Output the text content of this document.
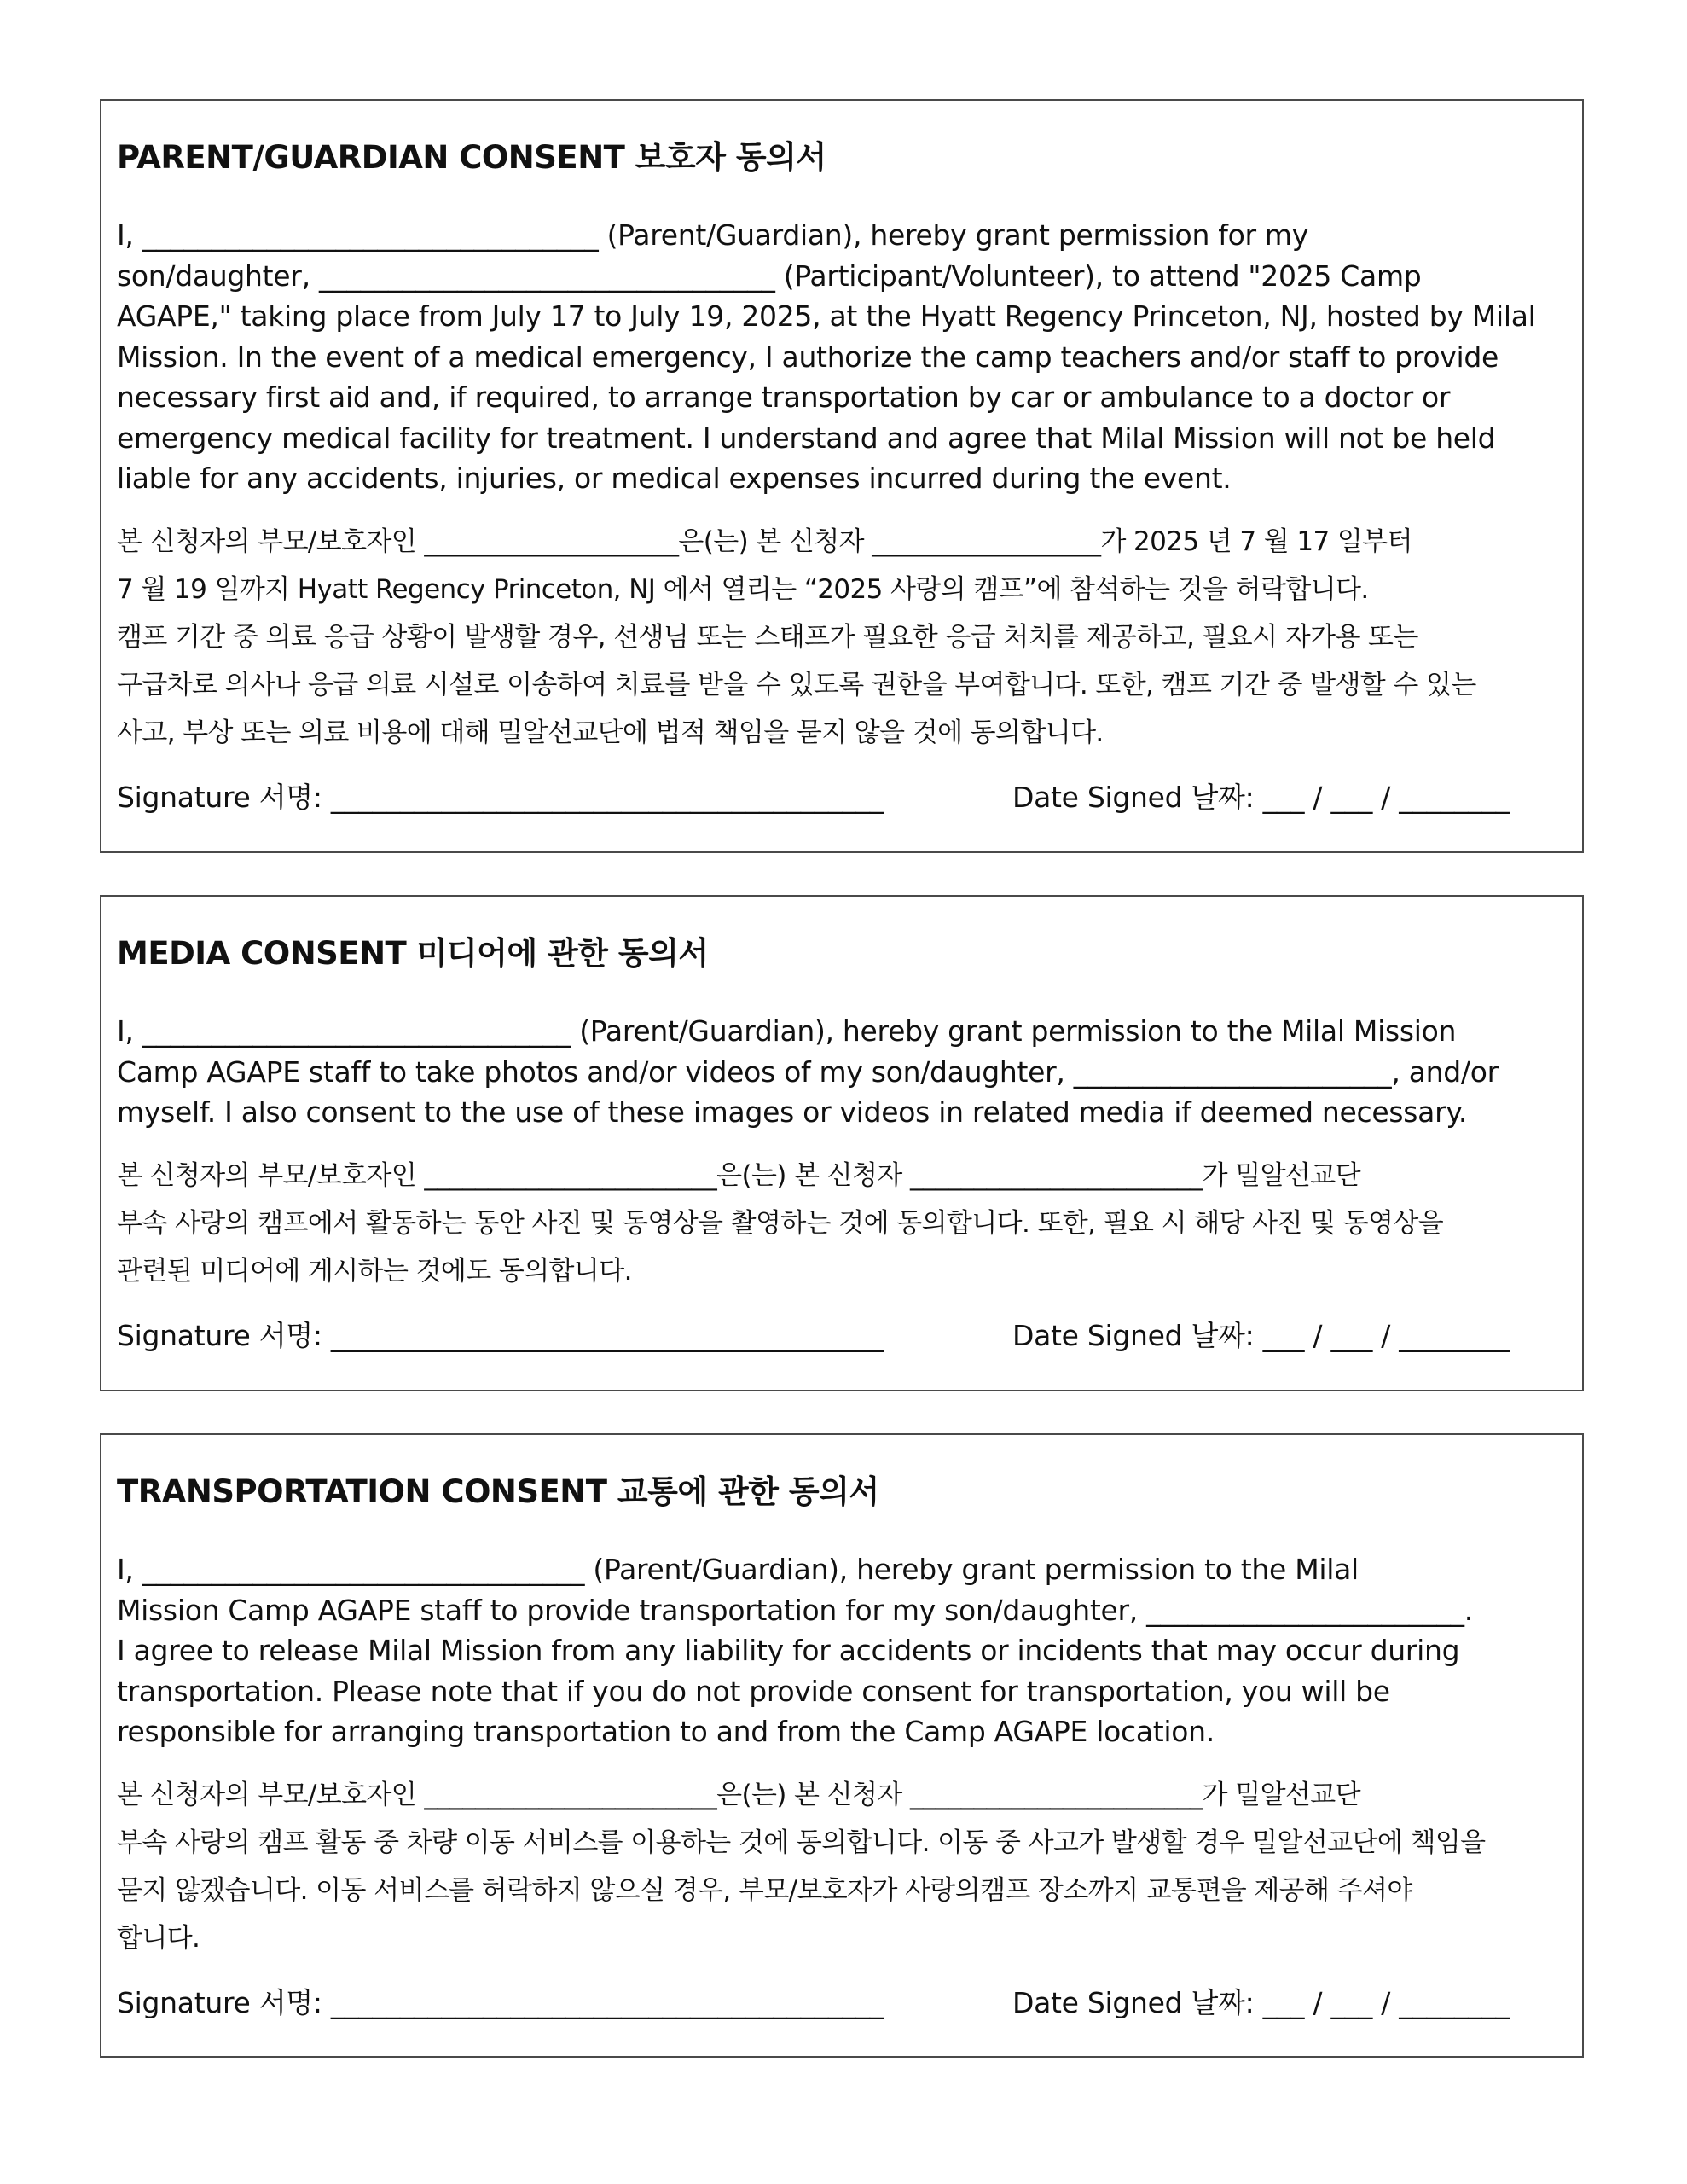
PARENT/GUARDIAN CONSENT 보호자 동의서

I, _________________________________ (Parent/Guardian), hereby grant permission for my

son/daughter, _________________________________ (Participant/Volunteer), to attend "2025 Camp

AGAPE," taking place from July 17 to July 19, 2025, at the Hyatt Regency Princeton, NJ, hosted by Milal

Mission. In the event of a medical emergency, I authorize the camp teachers and/or staff to provide

necessary first aid and, if required, to arrange transportation by car or ambulance to a doctor or

emergency medical facility for treatment. I understand and agree that Milal Mission will not be held

liable for any accidents, injuries, or medical expenses incurred during the event.

본 신청자의 부모/보호자인 ____________________은(는) 본 신청자 __________________가 2025 년 7 월 17 일부터

7 월 19 일까지 Hyatt Regency Princeton, NJ 에서 열리는 “2025 사랑의 캠프”에 참석하는 것을 허락합니다.

캠프 기간 중 의료 응급 상황이 발생할 경우, 선생님 또는 스태프가 필요한 응급 처치를 제공하고, 필요시 자가용 또는

구급차로 의사나 응급 의료 시설로 이송하여 치료를 받을 수 있도록 권한을 부여합니다. 또한, 캠프 기간 중 발생할 수 있는

사고, 부상 또는 의료 비용에 대해 밀알선교단에 법적 책임을 묻지 않을 것에 동의합니다.

Signature 서명: ________________________________________	Date Signed 날짜: ___ / ___ / ________
MEDIA CONSENT 미디어에 관한 동의서

I, _______________________________ (Parent/Guardian), hereby grant permission to the Milal Mission

Camp AGAPE staff to take photos and/or videos of my son/daughter, _______________________, and/or

myself. I also consent to the use of these images or videos in related media if deemed necessary.

본 신청자의 부모/보호자인 _______________________은(는) 본 신청자 _______________________가 밀알선교단

부속 사랑의 캠프에서 활동하는 동안 사진 및 동영상을 촬영하는 것에 동의합니다. 또한, 필요 시 해당 사진 및 동영상을

관련된 미디어에 게시하는 것에도 동의합니다.

Signature 서명: ________________________________________	Date Signed 날짜: ___ / ___ / ________
TRANSPORTATION CONSENT 교통에 관한 동의서

I, ________________________________ (Parent/Guardian), hereby grant permission to the Milal

Mission Camp AGAPE staff to provide transportation for my son/daughter, _______________________.

I agree to release Milal Mission from any liability for accidents or incidents that may occur during

transportation. Please note that if you do not provide consent for transportation, you will be

responsible for arranging transportation to and from the Camp AGAPE location.

본 신청자의 부모/보호자인 _______________________은(는) 본 신청자 _______________________가 밀알선교단

부속 사랑의 캠프 활동 중 차량 이동 서비스를 이용하는 것에 동의합니다. 이동 중 사고가 발생할 경우 밀알선교단에 책임을

묻지 않겠습니다. 이동 서비스를 허락하지 않으실 경우, 부모/보호자가 사랑의캠프 장소까지 교통편을 제공해 주셔야

합니다.

Signature 서명: ________________________________________	Date Signed 날짜: ___ / ___ / ________
